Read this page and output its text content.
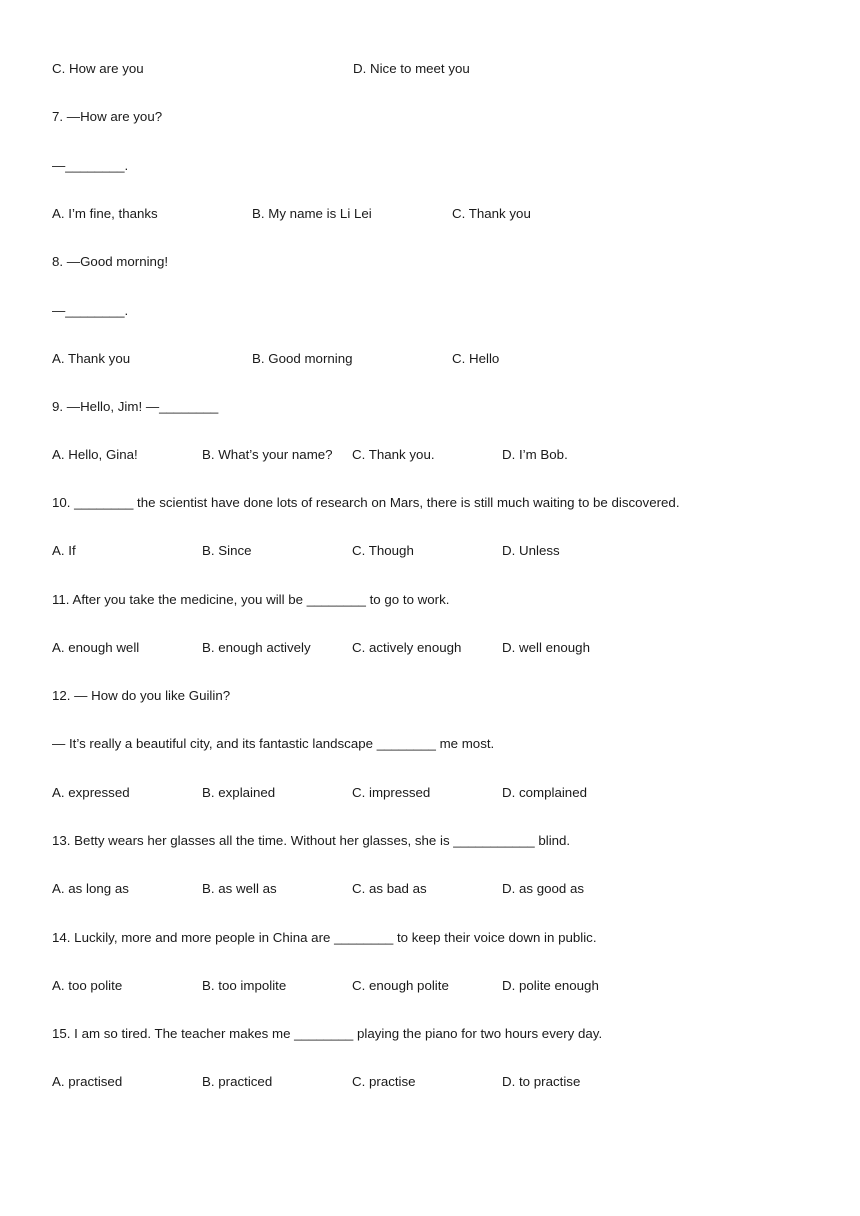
C. How are you	D. Nice to meet you
7. —How are you?
—________.
A. I’m fine, thanks	B. My name is Li Lei	C. Thank you
8. —Good morning!
—________.
A. Thank you	B. Good morning	C. Hello
9. —Hello, Jim! —________
A. Hello, Gina!	B. What’s your name? C. Thank you.	D. I’m Bob.
10. ________ the scientist have done lots of research on Mars, there is still much waiting to be discovered.
A. If	B. Since	C. Though	D. Unless
11. After you take the medicine, you will be ________ to go to work.
A. enough well	B. enough actively	C. actively enough	D. well enough
12. — How do you like Guilin?
— It’s really a beautiful city, and its fantastic landscape ________ me most.
A. expressed	B. explained	C. impressed	D. complained
13. Betty wears her glasses all the time. Without her glasses, she is ___________ blind.
A. as long as	B. as well as	C. as bad as	D. as good as
14. Luckily, more and more people in China are ________ to keep their voice down in public.
A. too polite	B. too impolite	C. enough polite	D. polite enough
15. I am so tired. The teacher makes me ________ playing the piano for two hours every day.
A. practised	B. practiced	C. practise	D. to practise
